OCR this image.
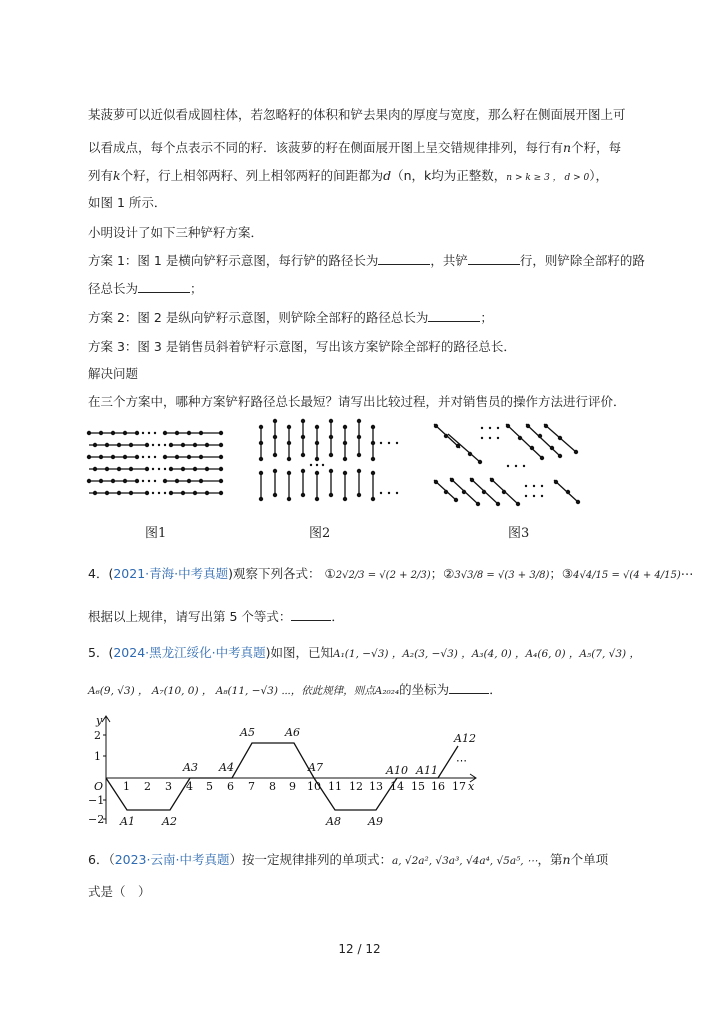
某菠萝可以近似看成圆柱体，若忽略籽的体积和铲去果肉的厚度与宽度，那么籽在侧面展开图上可
以看成点，每个点表示不同的籽．该菠萝的籽在侧面展开图上呈交错规律排列，每行有n个籽，每
列有k个籽，行上相邻两籽、列上相邻两籽的间距都为d（n，k均为正整数，n > k ≥ 3 ， d > 0），
如图 1 所示．
小明设计了如下三种铲籽方案．
方案 1：图 1 是横向铲籽示意图，每行铲的路径长为	，共铲	行，则铲除全部籽的路
径总长为	；
方案 2：图 2 是纵向铲籽示意图，则铲除全部籽的路径总长为	；
方案 3：图 3 是销售员斜着铲籽示意图，写出该方案铲除全部籽的路径总长．
解决问题
在三个方案中，哪种方案铲籽路径总长最短？请写出比较过程，并对销售员的操作方法进行评价．
图1	图2	图3
4．(2021·青海·中考真题)观察下列各式： ①2√2/3 = √(2 + 2/3)；②3√3/8 = √(3 + 3/8)；③4√4/15 = √(4 + 4/15)⋯
根据以上规律，请写出第 5 个等式：	．
5．(2024·黑龙江绥化·中考真题)如图，已知A₁(1, −√3) ，A₂(3, −√3) ，A₃(4, 0) ，A₄(6, 0) ，A₅(7, √3) ，
A₆(9, √3) ， A₇(10, 0) ， A₈(11, −√3) ⋯，依此规律，则点A₂₀₂₄的坐标为	．
y
x
O
2
1
−1
−2
1 2 3 4 5 6 7 8 9 10 11 12 13 14 15 16 17
A1 A2
A3 A4
A5	A6
A7
A8 A9
A10 A11
A12
⋯
6．（2023·云南·中考真题）按一定规律排列的单项式：a, √2a², √3a³, √4a⁴, √5a⁵, ⋯，第n个单项
式是（　）
12 / 12
